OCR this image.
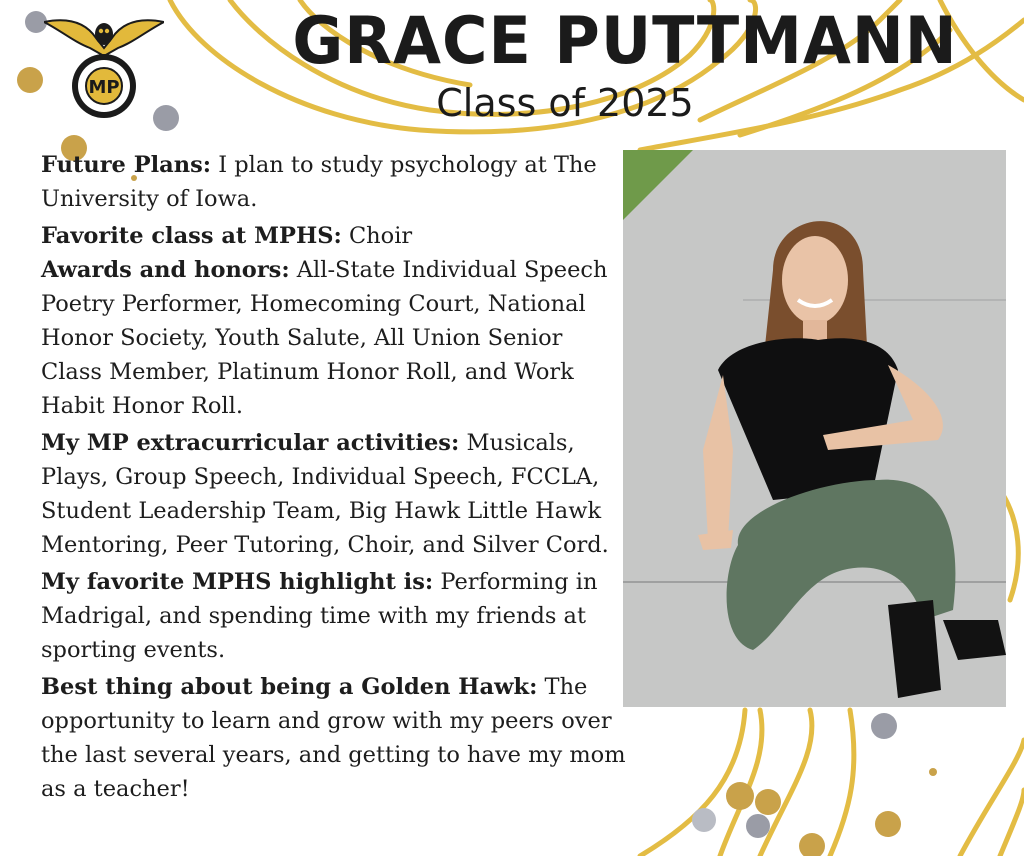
MP
GRACE PUTTMANN
Class of 2025

Future Plans: I plan to study psychology at The University of Iowa.

Favorite class at MPHS: Choir

Awards and honors: All-State Individual Speech Poetry Performer, Homecoming Court, National Honor Society, Youth Salute, All Union Senior Class Member, Platinum Honor Roll, and Work Habit Honor Roll.

My MP extracurricular activities: Musicals, Plays, Group Speech, Individual Speech, FCCLA, Student Leadership Team, Big Hawk Little Hawk Mentoring, Peer Tutoring, Choir, and Silver Cord.

My favorite MPHS highlight is: Performing in Madrigal, and spending time with my friends at sporting events.

Best thing about being a Golden Hawk: The opportunity to learn and grow with my peers over the last several years, and getting to have my mom as a teacher!
